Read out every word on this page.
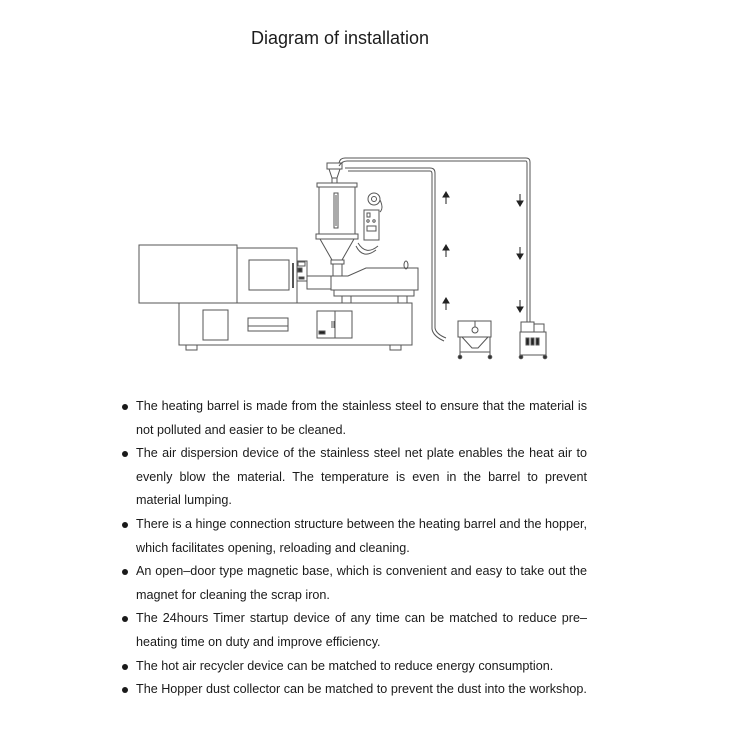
Diagram of installation
The heating barrel is made from the stainless steel to ensure that the material is not polluted and easier to be cleaned.
The air dispersion device of the stainless steel net plate enables the heat air to evenly blow the material. The temperature is even in the barrel to prevent material lumping.
There is a hinge connection structure between the heating barrel and the hopper, which facilitates opening, reloading and cleaning.
An open–door type magnetic base, which is convenient and easy to take out the magnet for cleaning the scrap iron.
The 24hours Timer startup device of any time can be matched to reduce pre–heating time on duty and improve efficiency.
The hot air recycler device can be matched to reduce energy consumption.
The Hopper dust collector can be matched to prevent the dust into the workshop.
